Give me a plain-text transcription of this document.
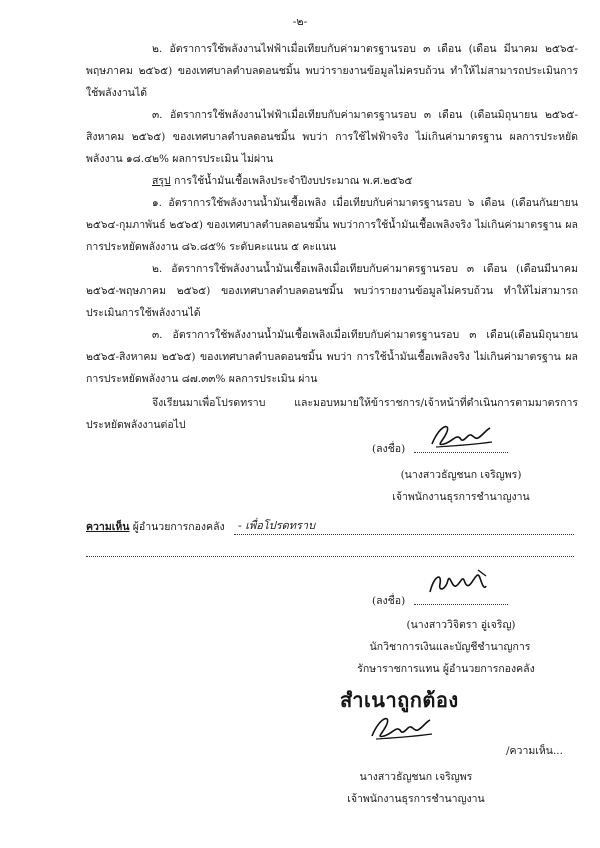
-๒-

๒. อัตราการใช้พลังงานไฟฟ้าเมื่อเทียบกับค่ามาตรฐานรอบ ๓ เดือน (เดือน มีนาคม ๒๕๖๕- พฤษภาคม ๒๕๖๕) ของเทศบาลตำบลดอนชมิ้น พบว่ารายงานข้อมูลไม่ครบถ้วน ทำให้ไม่สามารถประเมินการใช้พลังงานได้

๓. อัตราการใช้พลังงานไฟฟ้าเมื่อเทียบกับค่ามาตรฐานรอบ ๓ เดือน (เดือนมิถุนายน ๒๕๖๕- สิงหาคม ๒๕๖๕) ของเทศบาลตำบลดอนชมิ้น พบว่า การใช้ไฟฟ้าจริง ไม่เกินค่ามาตรฐาน ผลการประหยัดพลังงาน ๑๘.๔๒% ผลการประเมิน ไม่ผ่าน

สรุป การใช้น้ำมันเชื้อเพลิงประจำปีงบประมาณ พ.ศ.๒๕๖๕

๑. อัตราการใช้พลังงานน้ำมันเชื้อเพลิง เมื่อเทียบกับค่ามาตรฐานรอบ ๖ เดือน (เดือนกันยายน ๒๕๖๔-กุมภาพันธ์ ๒๕๖๕) ของเทศบาลตำบลดอนชมิ้น พบว่าการใช้น้ำมันเชื้อเพลิงจริง ไม่เกินค่ามาตรฐาน ผลการประหยัดพลังงาน ๘๖.๘๕% ระดับคะแนน ๕ คะแนน

๒. อัตราการใช้พลังงานน้ำมันเชื้อเพลิงเมื่อเทียบกับค่ามาตรฐานรอบ ๓ เดือน (เดือนมีนาคม ๒๕๖๕-พฤษภาคม ๒๕๖๕) ของเทศบาลตำบลดอนชมิ้น พบว่ารายงานข้อมูลไม่ครบถ้วน ทำให้ไม่สามารถประเมินการใช้พลังงานได้

๓. อัตราการใช้พลังงานน้ำมันเชื้อเพลิงเมื่อเทียบกับค่ามาตรฐานรอบ ๓ เดือน(เดือนมิถุนายน ๒๕๖๕-สิงหาคม ๒๕๖๕) ของเทศบาลตำบลดอนชมิ้น พบว่า การใช้น้ำมันเชื้อเพลิงจริง ไม่เกินค่ามาตรฐาน ผลการประหยัดพลังงาน ๘๗.๓๓% ผลการประเมิน ผ่าน

จึงเรียนมาเพื่อโปรดทราบ และมอบหมายให้ข้าราชการ/เจ้าหน้าที่ดำเนินการตามมาตรการประหยัดพลังงานต่อไป

(ลงชื่อ)
(นางสาวธัญชนก เจริญพร)
เจ้าพนักงานธุรการชำนาญงาน
ความเห็น ผู้อำนวยการกองคลัง	- เพื่อโปรดทราบ
(ลงชื่อ)
(นางสาววิจิตรา อู่เจริญ)
นักวิชาการเงินและบัญชีชำนาญการ
รักษาราชการแทน ผู้อำนวยการกองคลัง
สำเนาถูกต้อง
/ความเห็น...
นางสาวธัญชนก เจริญพร
เจ้าพนักงานธุรการชำนาญงาน
